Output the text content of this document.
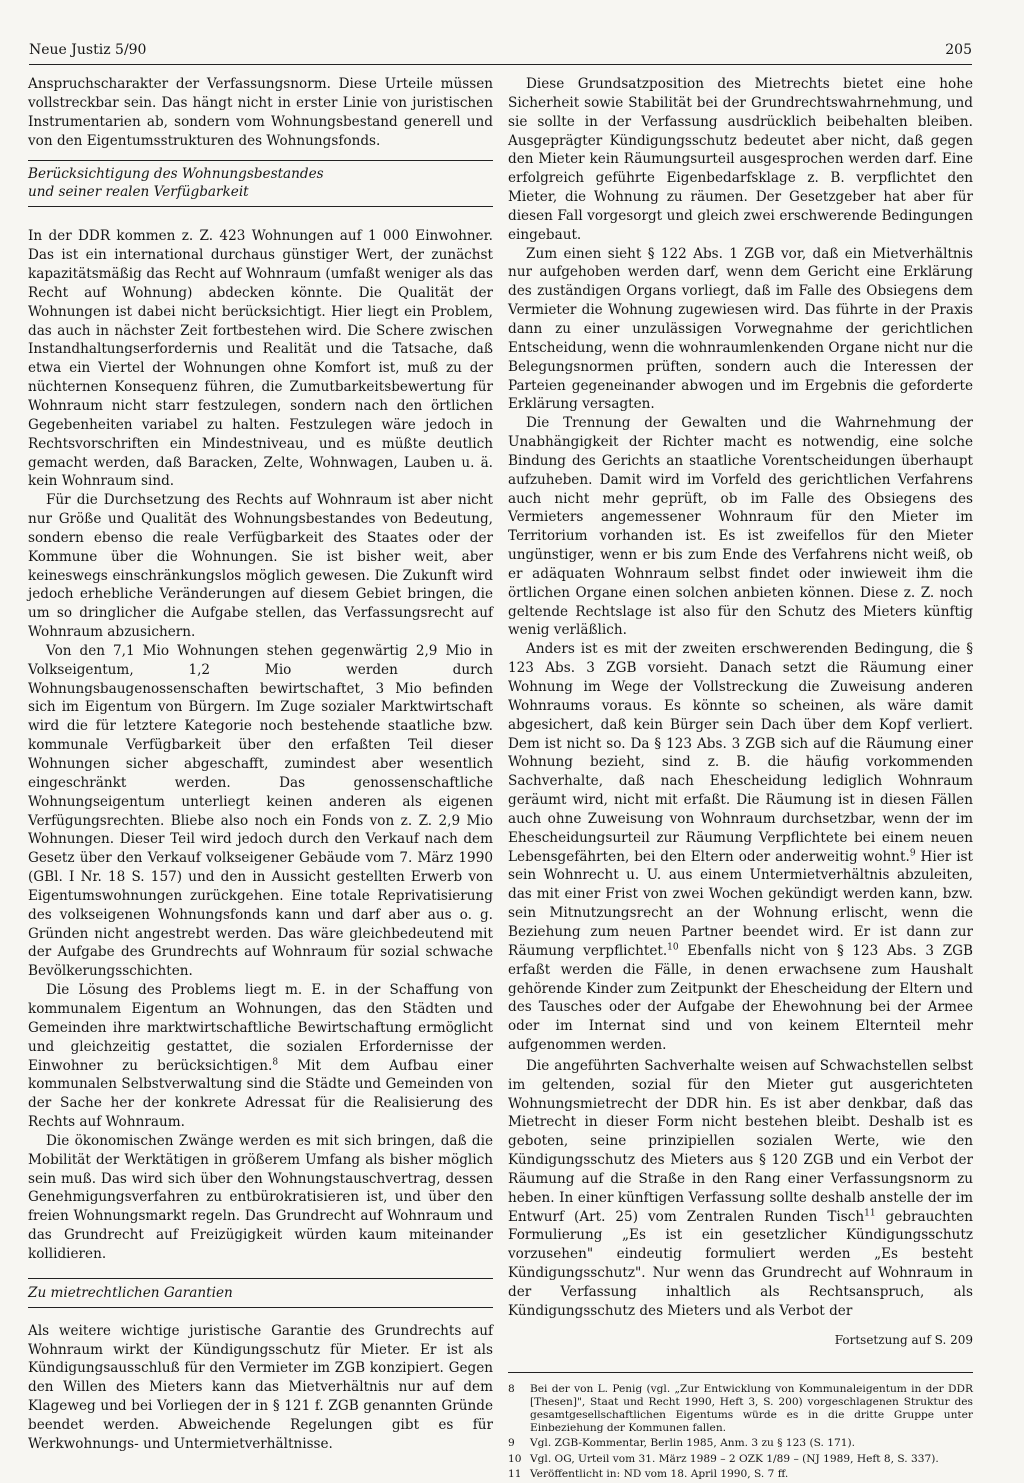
Neue Justiz 5/90	205

Anspruchscharakter der Verfassungsnorm. Diese Urteile müssen vollstreckbar sein. Das hängt nicht in erster Linie von juristischen Instrumentarien ab, sondern vom Wohnungsbestand generell und von den Eigentumsstrukturen des Wohnungsfonds.

Berücksichtigung des Wohnungsbestandes
und seiner realen Verfügbarkeit

In der DDR kommen z. Z. 423 Wohnungen auf 1 000 Einwohner. Das ist ein international durchaus günstiger Wert, der zunächst kapazitätsmäßig das Recht auf Wohnraum (umfaßt weniger als das Recht auf Wohnung) abdecken könnte. Die Qualität der Wohnungen ist dabei nicht berücksichtigt. Hier liegt ein Problem, das auch in nächster Zeit fortbestehen wird. Die Schere zwischen Instandhaltungserfordernis und Realität und die Tatsache, daß etwa ein Viertel der Wohnungen ohne Komfort ist, muß zu der nüchternen Konsequenz führen, die Zumutbarkeitsbewertung für Wohnraum nicht starr festzulegen, sondern nach den örtlichen Gegebenheiten variabel zu halten. Festzulegen wäre jedoch in Rechtsvorschriften ein Mindestniveau, und es müßte deutlich gemacht werden, daß Baracken, Zelte, Wohnwagen, Lauben u. ä. kein Wohnraum sind.

Für die Durchsetzung des Rechts auf Wohnraum ist aber nicht nur Größe und Qualität des Wohnungsbestandes von Bedeutung, sondern ebenso die reale Verfügbarkeit des Staates oder der Kommune über die Wohnungen. Sie ist bisher weit, aber keineswegs einschränkungslos möglich gewesen. Die Zukunft wird jedoch erhebliche Veränderungen auf diesem Gebiet bringen, die um so dringlicher die Aufgabe stellen, das Verfassungsrecht auf Wohnraum abzusichern.

Von den 7,1 Mio Wohnungen stehen gegenwärtig 2,9 Mio in Volkseigentum, 1,2 Mio werden durch Wohnungsbaugenossenschaften bewirtschaftet, 3 Mio befinden sich im Eigentum von Bürgern. Im Zuge sozialer Marktwirtschaft wird die für letztere Kategorie noch bestehende staatliche bzw. kommunale Verfügbarkeit über den erfaßten Teil dieser Wohnungen sicher abgeschafft, zumindest aber wesentlich eingeschränkt werden. Das genossenschaftliche Wohnungseigentum unterliegt keinen anderen als eigenen Verfügungsrechten. Bliebe also noch ein Fonds von z. Z. 2,9 Mio Wohnungen. Dieser Teil wird jedoch durch den Verkauf nach dem Gesetz über den Verkauf volkseigener Gebäude vom 7. März 1990 (GBl. I Nr. 18 S. 157) und den in Aussicht gestellten Erwerb von Eigentumswohnungen zurückgehen. Eine totale Reprivatisierung des volkseigenen Wohnungsfonds kann und darf aber aus o. g. Gründen nicht angestrebt werden. Das wäre gleichbedeutend mit der Aufgabe des Grundrechts auf Wohnraum für sozial schwache Bevölkerungsschichten.

Die Lösung des Problems liegt m. E. in der Schaffung von kommunalem Eigentum an Wohnungen, das den Städten und Gemeinden ihre marktwirtschaftliche Bewirtschaftung ermöglicht und gleichzeitig gestattet, die sozialen Erfordernisse der Einwohner zu berücksichtigen.$^8$ Mit dem Aufbau einer kommunalen Selbstverwaltung sind die Städte und Gemeinden von der Sache her der konkrete Adressat für die Realisierung des Rechts auf Wohnraum.

Die ökonomischen Zwänge werden es mit sich bringen, daß die Mobilität der Werktätigen in größerem Umfang als bisher möglich sein muß. Das wird sich über den Wohnungstauschvertrag, dessen Genehmigungsverfahren zu entbürokratisieren ist, und über den freien Wohnungsmarkt regeln. Das Grundrecht auf Wohnraum und das Grundrecht auf Freizügigkeit würden kaum miteinander kollidieren.

Zu mietrechtlichen Garantien

Als weitere wichtige juristische Garantie des Grundrechts auf Wohnraum wirkt der Kündigungsschutz für Mieter. Er ist als Kündigungsausschluß für den Vermieter im ZGB konzipiert. Gegen den Willen des Mieters kann das Mietverhältnis nur auf dem Klageweg und bei Vorliegen der in § 121 f. ZGB genannten Gründe beendet werden. Abweichende Regelungen gibt es für Werkwohnungs- und Untermietverhältnisse.

Diese Grundsatzposition des Mietrechts bietet eine hohe Sicherheit sowie Stabilität bei der Grundrechtswahrnehmung, und sie sollte in der Verfassung ausdrücklich beibehalten bleiben. Ausgeprägter Kündigungsschutz bedeutet aber nicht, daß gegen den Mieter kein Räumungsurteil ausgesprochen werden darf. Eine erfolgreich geführte Eigenbedarfsklage z. B. verpflichtet den Mieter, die Wohnung zu räumen. Der Gesetzgeber hat aber für diesen Fall vorgesorgt und gleich zwei erschwerende Bedingungen eingebaut.

Zum einen sieht § 122 Abs. 1 ZGB vor, daß ein Mietverhältnis nur aufgehoben werden darf, wenn dem Gericht eine Erklärung des zuständigen Organs vorliegt, daß im Falle des Obsiegens dem Vermieter die Wohnung zugewiesen wird. Das führte in der Praxis dann zu einer unzulässigen Vorwegnahme der gerichtlichen Entscheidung, wenn die wohnraumlenkenden Organe nicht nur die Belegungsnormen prüften, sondern auch die Interessen der Parteien gegeneinander abwogen und im Ergebnis die geforderte Erklärung versagten.

Die Trennung der Gewalten und die Wahrnehmung der Unabhängigkeit der Richter macht es notwendig, eine solche Bindung des Gerichts an staatliche Vorentscheidungen überhaupt aufzuheben. Damit wird im Vorfeld des gerichtlichen Verfahrens auch nicht mehr geprüft, ob im Falle des Obsiegens des Vermieters angemessener Wohnraum für den Mieter im Territorium vorhanden ist. Es ist zweifellos für den Mieter ungünstiger, wenn er bis zum Ende des Verfahrens nicht weiß, ob er adäquaten Wohnraum selbst findet oder inwieweit ihm die örtlichen Organe einen solchen anbieten können. Diese z. Z. noch geltende Rechtslage ist also für den Schutz des Mieters künftig wenig verläßlich.

Anders ist es mit der zweiten erschwerenden Bedingung, die § 123 Abs. 3 ZGB vorsieht. Danach setzt die Räumung einer Wohnung im Wege der Vollstreckung die Zuweisung anderen Wohnraums voraus. Es könnte so scheinen, als wäre damit abgesichert, daß kein Bürger sein Dach über dem Kopf verliert. Dem ist nicht so. Da § 123 Abs. 3 ZGB sich auf die Räumung einer Wohnung bezieht, sind z. B. die häufig vorkommenden Sachverhalte, daß nach Ehescheidung lediglich Wohnraum geräumt wird, nicht mit erfaßt. Die Räumung ist in diesen Fällen auch ohne Zuweisung von Wohnraum durchsetzbar, wenn der im Ehescheidungsurteil zur Räumung Verpflichtete bei einem neuen Lebensgefährten, bei den Eltern oder anderweitig wohnt.$^9$ Hier ist sein Wohnrecht u. U. aus einem Untermietverhältnis abzuleiten, das mit einer Frist von zwei Wochen gekündigt werden kann, bzw. sein Mitnutzungsrecht an der Wohnung erlischt, wenn die Beziehung zum neuen Partner beendet wird. Er ist dann zur Räumung verpflichtet.$^{10}$ Ebenfalls nicht von § 123 Abs. 3 ZGB erfaßt werden die Fälle, in denen erwachsene zum Haushalt gehörende Kinder zum Zeitpunkt der Ehescheidung der Eltern und des Tausches oder der Aufgabe der Ehewohnung bei der Armee oder im Internat sind und von keinem Elternteil mehr aufgenommen werden.

Die angeführten Sachverhalte weisen auf Schwachstellen selbst im geltenden, sozial für den Mieter gut ausgerichteten Wohnungsmietrecht der DDR hin. Es ist aber denkbar, daß das Mietrecht in dieser Form nicht bestehen bleibt. Deshalb ist es geboten, seine prinzipiellen sozialen Werte, wie den Kündigungsschutz des Mieters aus § 120 ZGB und ein Verbot der Räumung auf die Straße in den Rang einer Verfassungsnorm zu heben. In einer künftigen Verfassung sollte deshalb anstelle der im Entwurf (Art. 25) vom Zentralen Runden Tisch$^{11}$ gebrauchten Formulierung „Es ist ein gesetzlicher Kündigungsschutz vorzusehen" eindeutig formuliert werden „Es besteht Kündigungsschutz". Nur wenn das Grundrecht auf Wohnraum in der Verfassung inhaltlich als Rechtsanspruch, als Kündigungsschutz des Mieters und als Verbot der

Fortsetzung auf S. 209
8	Bei der von L. Penig (vgl. „Zur Entwicklung von Kommunaleigentum in der DDR [Thesen]", Staat und Recht 1990, Heft 3, S. 200) vorgeschlagenen Struktur des gesamtgesellschaftlichen Eigentums würde es in die dritte Gruppe unter Einbeziehung der Kommunen fallen.
9	Vgl. ZGB-Kommentar, Berlin 1985, Anm. 3 zu § 123 (S. 171).
10 Vgl. OG, Urteil vom 31. März 1989 – 2 OZK 1/89 – (NJ 1989, Heft 8, S. 337).
11 Veröffentlicht in: ND vom 18. April 1990, S. 7 ff.
